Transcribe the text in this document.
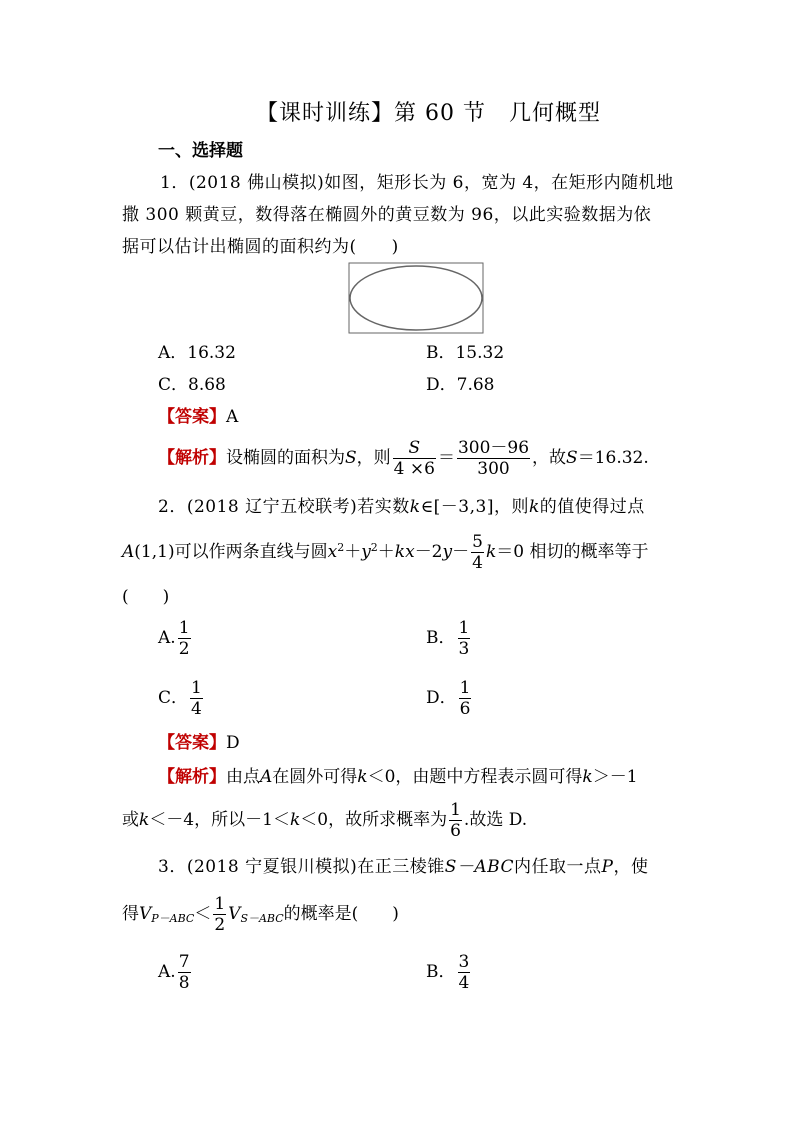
【课时训练】第 60 节　几何概型
一、选择题
1．(2018 佛山模拟)如图，矩形长为 6，宽为 4，在矩形内随机地
撒 300 颗黄豆，数得落在椭圆外的黄豆数为 96，以此实验数据为依
据可以估计出椭圆的面积约为(　　)
A．16.32	B．15.32
C．8.68	D．7.68
【答案】A
【解析】设椭圆的面积为S，则 $\frac{S}{4 \times 6} = \frac{300-96}{300}$ ，故S＝16.32.
2．(2018 辽宁五校联考)若实数k∈[－3,3]，则k的值使得过点
A(1,1)可以作两条直线与圆$x^2+y^2+kx-2y- \frac{5}{4} k=0$ 相切的概率等于
(　　)
A. $\frac{1}{2}$	B． $\frac{1}{3}$
C． $\frac{1}{4}$	D． $\frac{1}{6}$
【答案】D
【解析】由点A在圆外可得k＜0，由题中方程表示圆可得k＞－1
或k＜－4，所以－1＜k＜0，故所求概率为 $\frac{1}{6}$ .故选 D.
3．(2018 宁夏银川模拟)在正三棱锥S－ABC内任取一点P，使
得$V_{P-ABC}< \frac{1}{2} V_{S-ABC}$的概率是(　　)
A. $\frac{7}{8}$	B． $\frac{3}{4}$
